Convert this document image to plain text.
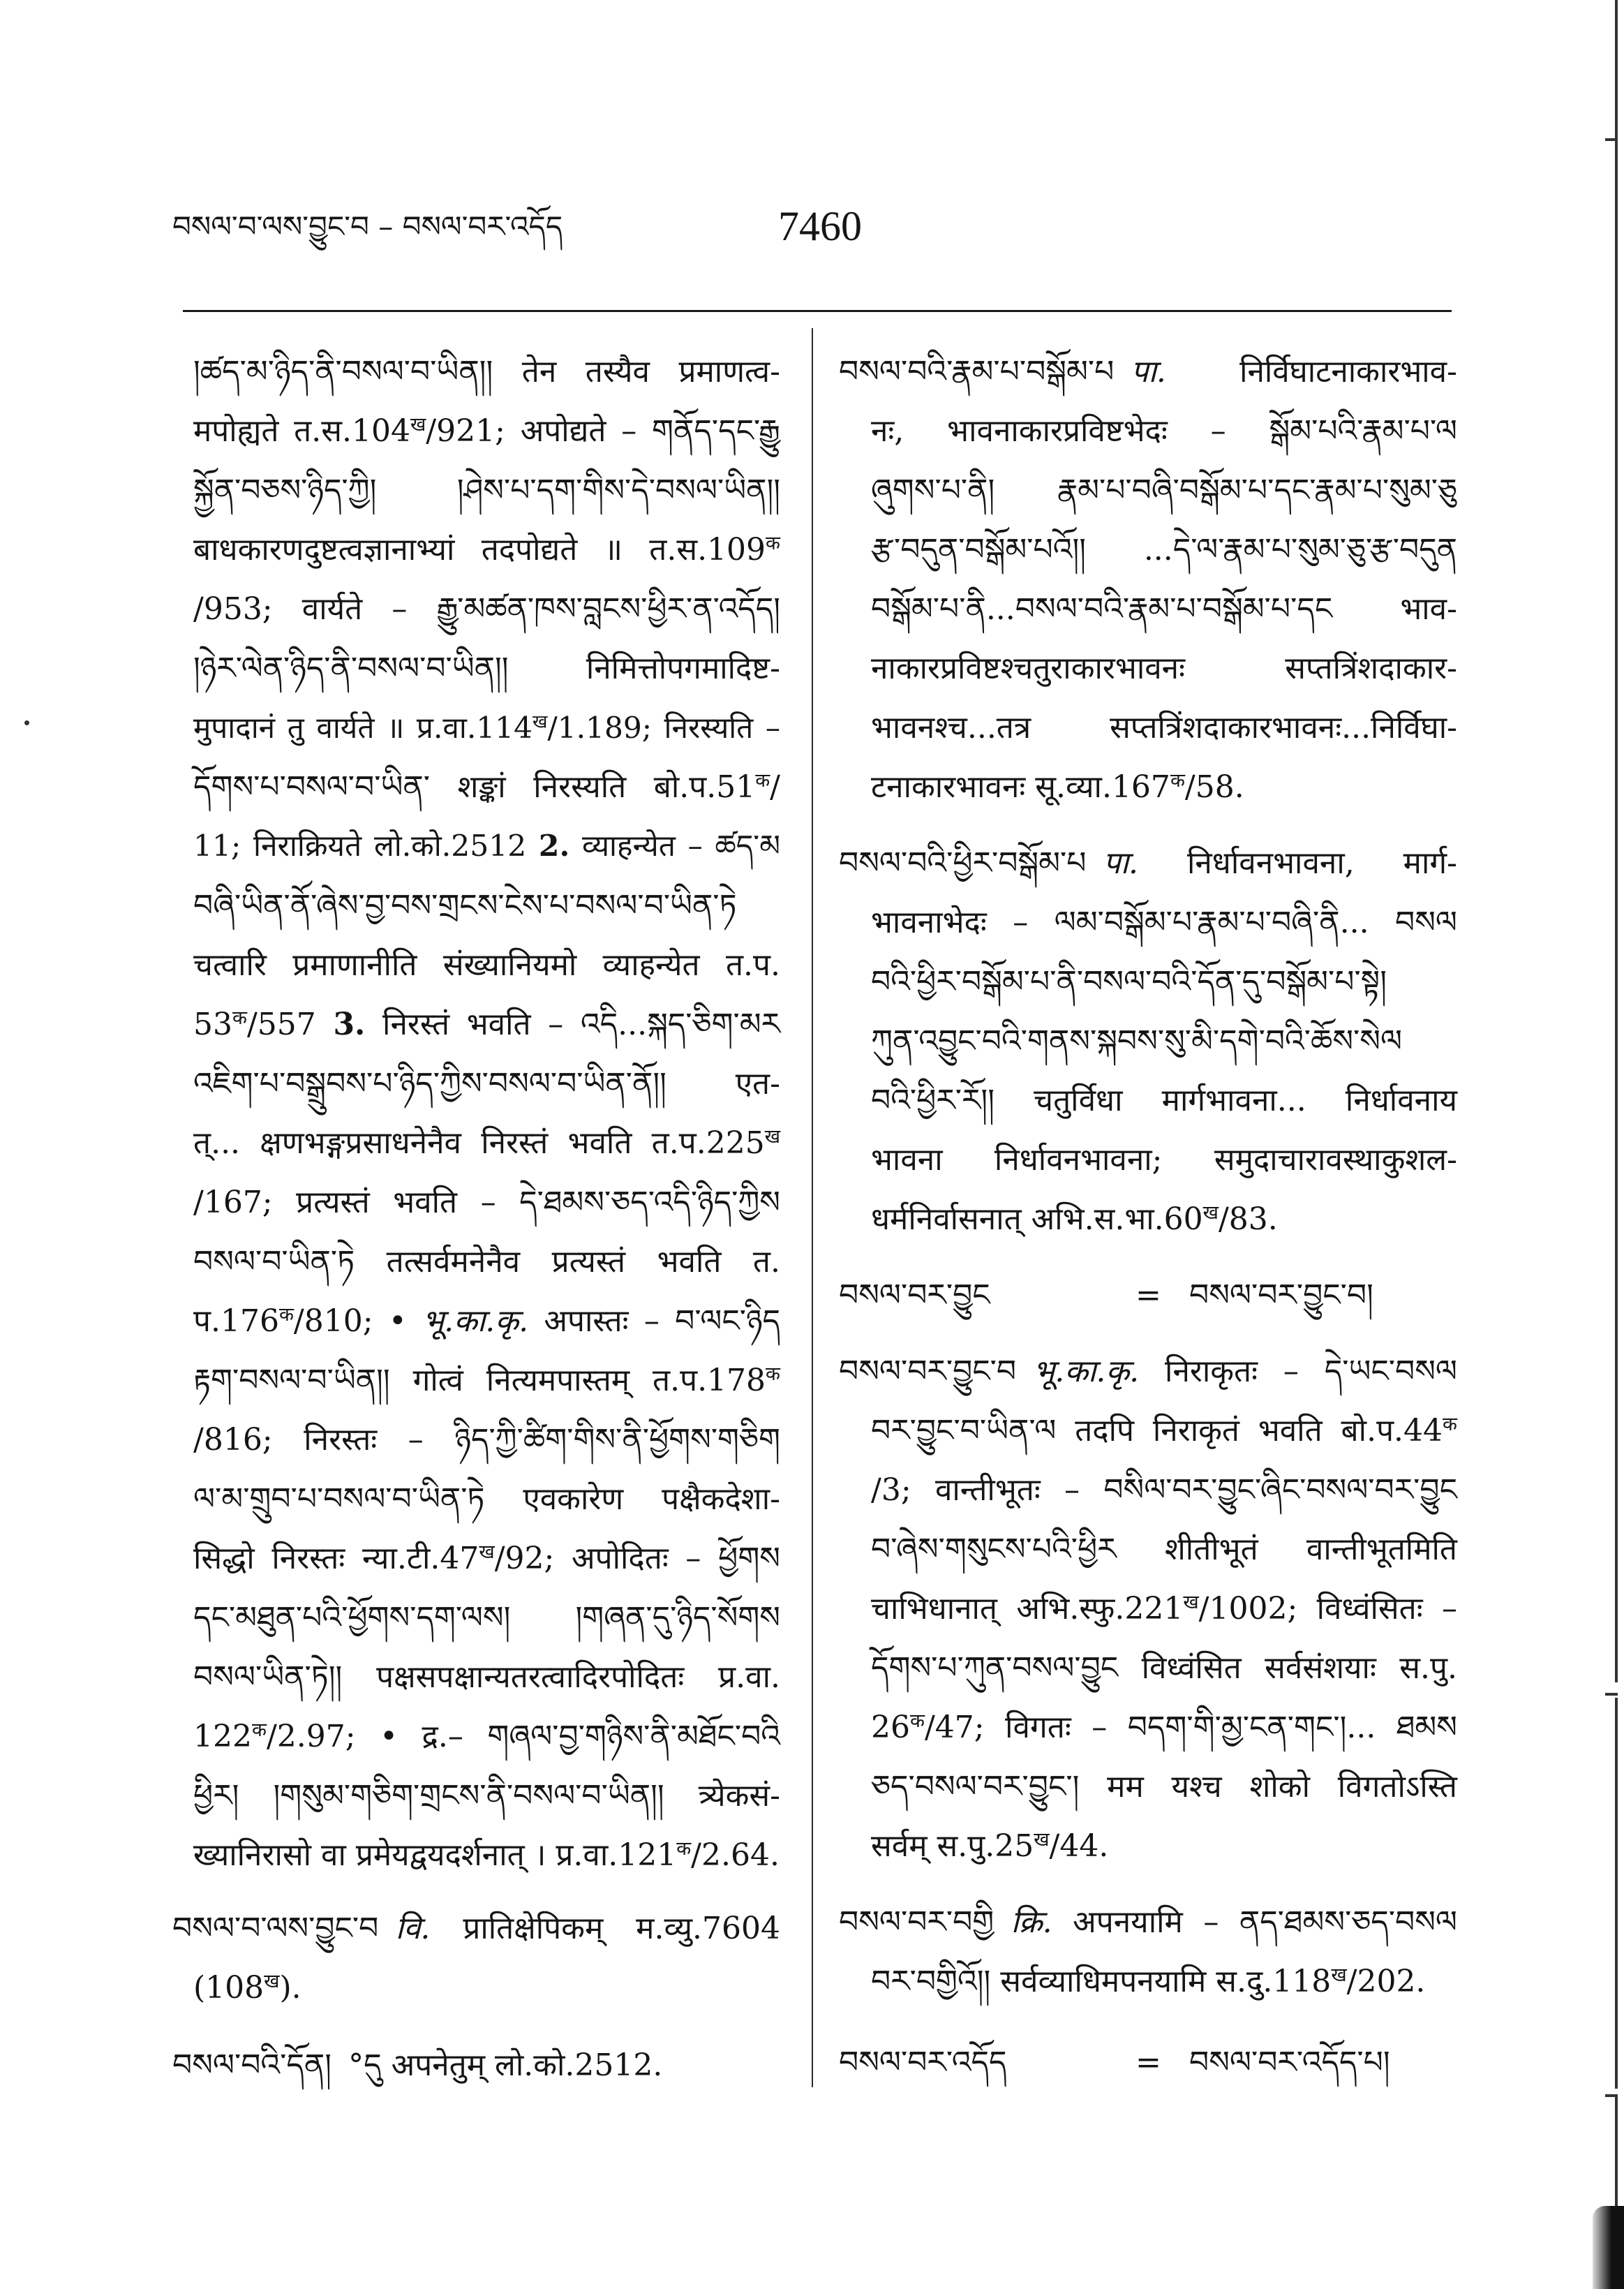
བསལ་བ་ལས་བྱུང་བ – བསལ་བར་འདོད	7460
།ཚད་མ་ཉིད་ནི་བསལ་བ་ཡིན།། तेन तस्यैव प्रमाणत्व-
मपोह्यते $त.स.104^ख/921$; अपोद्यते – གནོད་དང་རྒྱུ
སྐྱོན་བཅས་ཉིད་ཀྱི། །ཤེས་པ་དག་གིས་དེ་བསལ་ཡིན།།
बाधकारणदुष्टत्वज्ञानाभ्यां तदपोद्यते ॥ $त.स.109^क$
/953; वार्यते – རྒྱུ་མཚན་ཁས་བླངས་ཕྱིར་ན་འདོད།
།ཉེར་ལེན་ཉིད་ནི་བསལ་བ་ཡིན།། निमित्तोपगमादिष्ट-
मुपादानं तु वार्यते ॥ $प्र.वा.114^ख/1.189$; निरस्यति –
དོགས་པ་བསལ་བ་ཡིན་ शङ्कां निरस्यति $बो.प.51^क/$
11; निराक्रियते लो.को.2512 2. व्याहन्येत – ཚད་མ
བཞི་ཡིན་ནོ་ཞེས་བྱ་བས་གྲངས་ངེས་པ་བསལ་བ་ཡིན་ཏེ
चत्वारि प्रमाणानीति संख्यानियमो व्याहन्येत त.प.
$53^क/557$ 3. निरस्तं भवति – འདི...སྐད་ཅིག་མར
འཇིག་པ་བསྒྲུབས་པ་ཉིད་ཀྱིས་བསལ་བ་ཡིན་ནོ།། एत-
त्... क्षणभङ्गप्रसाधनेनैव निरस्तं भवति $त.प.225^ख$
/167; प्रत्यस्तं भवति – དེ་ཐམས་ཅད་འདི་ཉིད་ཀྱིས
བསལ་བ་ཡིན་ཏེ तत्सर्वमनेनैव प्रत्यस्तं भवति त.
$प.176^क/810$; • भू.का.कृ. अपास्तः – བ་ལང་ཉིད
རྟག་བསལ་བ་ཡིན།། गोत्वं नित्यमपास्तम् $त.प.178^क$
/816; निरस्तः – ཉིད་ཀྱི་ཚིག་གིས་ནི་ཕྱོགས་གཅིག
ལ་མ་གྲུབ་པ་བསལ་བ་ཡིན་ཏེ एवकारेण पक्षैकदेशा-
सिद्धो निरस्तः $न्या.टी.47^ख/92$; अपोदितः – ཕྱོགས
དང་མཐུན་པའི་ཕྱོགས་དག་ལས། །གཞན་དུ་ཉིད་སོགས
བསལ་ཡིན་ཏེ།། पक्षसपक्षान्यतरत्वादिरपोदितः प्र.वा.
$122^क/2.97$; • द्र.– གཞལ་བྱ་གཉིས་ནི་མཐོང་བའི
ཕྱིར། །གསུམ་གཅིག་གྲངས་ནི་བསལ་བ་ཡིན།། त्र्येकसं-
ख्यानिरासो वा प्रमेयद्वयदर्शनात् । $प्र.वा.121^क/2.64$.
བསལ་བ་ལས་བྱུང་བ वि. प्रातिक्षेपिकम् म.व्यु.7604
$(108^ख)$.
བསལ་བའི་དོན། °དུ अपनेतुम् लो.को.2512.
བསལ་བའི་རྣམ་པ་བསྒོམ་པ पा. निर्विघाटनाकारभाव-
नः, भावनाकारप्रविष्टभेदः – སྒོམ་པའི་རྣམ་པ་ལ
ཞུགས་པ་ནི། རྣམ་པ་བཞི་བསྒོམ་པ་དང་རྣམ་པ་སུམ་ཅུ
རྩ་བདུན་བསྒོམ་པའོ།། ...དེ་ལ་རྣམ་པ་སུམ་ཅུ་རྩ་བདུན
བསྒོམ་པ་ནི...བསལ་བའི་རྣམ་པ་བསྒོམ་པ་དང भाव-
नाकारप्रविष्टश्चतुराकारभावनः सप्तत्रिंशदाकार-
भावनश्च...तत्र सप्तत्रिंशदाकारभावनः...निर्विघा-
टनाकारभावनः $सू.व्या.167^क/58$.
བསལ་བའི་ཕྱིར་བསྒོམ་པ पा. निर्धावनभावना, मार्ग-
भावनाभेदः – ལམ་བསྒོམ་པ་རྣམ་པ་བཞི་ནི... བསལ
བའི་ཕྱིར་བསྒོམ་པ་ནི་བསལ་བའི་དོན་དུ་བསྒོམ་པ་སྟེ།
ཀུན་འབྱུང་བའི་གནས་སྐབས་སུ་མི་དགེ་བའི་ཆོས་སེལ
བའི་ཕྱིར་རོ།། चतुर्विधा मार्गभावना... निर्धावनाय
भावना निर्धावनभावना; समुदाचारावस्थाकुशल-
धर्मनिर्वासनात् $अभि.स.भा.60^ख/83$.
བསལ་བར་བྱུང	= བསལ་བར་བྱུང་བ།
བསལ་བར་བྱུང་བ भू.का.कृ. निराकृतः – དེ་ཡང་བསལ
བར་བྱུང་བ་ཡིན་ལ तदपि निराकृतं भवति $बो.प.44^क$
/3; वान्तीभूतः – བསིལ་བར་བྱུང་ཞིང་བསལ་བར་བྱུང
བ་ཞེས་གསུངས་པའི་ཕྱིར शीतीभूतं वान्तीभूतमिति
चाभिधानात् $अभि.स्फु.221^ख/1002$; विध्वंसितः –
དོགས་པ་ཀུན་བསལ་བྱུང विध्वंसित सर्वसंशयाः स.पु.
$26^क/47$; विगतः – བདག་གི་མྱ་ངན་གང་།... ཐམས
ཅད་བསལ་བར་བྱུང་། मम यश्च शोको विगतोऽस्ति
सर्वम् $स.पु.25^ख/44$.
བསལ་བར་བགྱི क्रि. अपनयामि – ནད་ཐམས་ཅད་བསལ
བར་བགྱིའོ།། सर्वव्याधिमपनयामि $स.दु.118^ख/202$.
བསལ་བར་འདོད	= བསལ་བར་འདོད་པ།
